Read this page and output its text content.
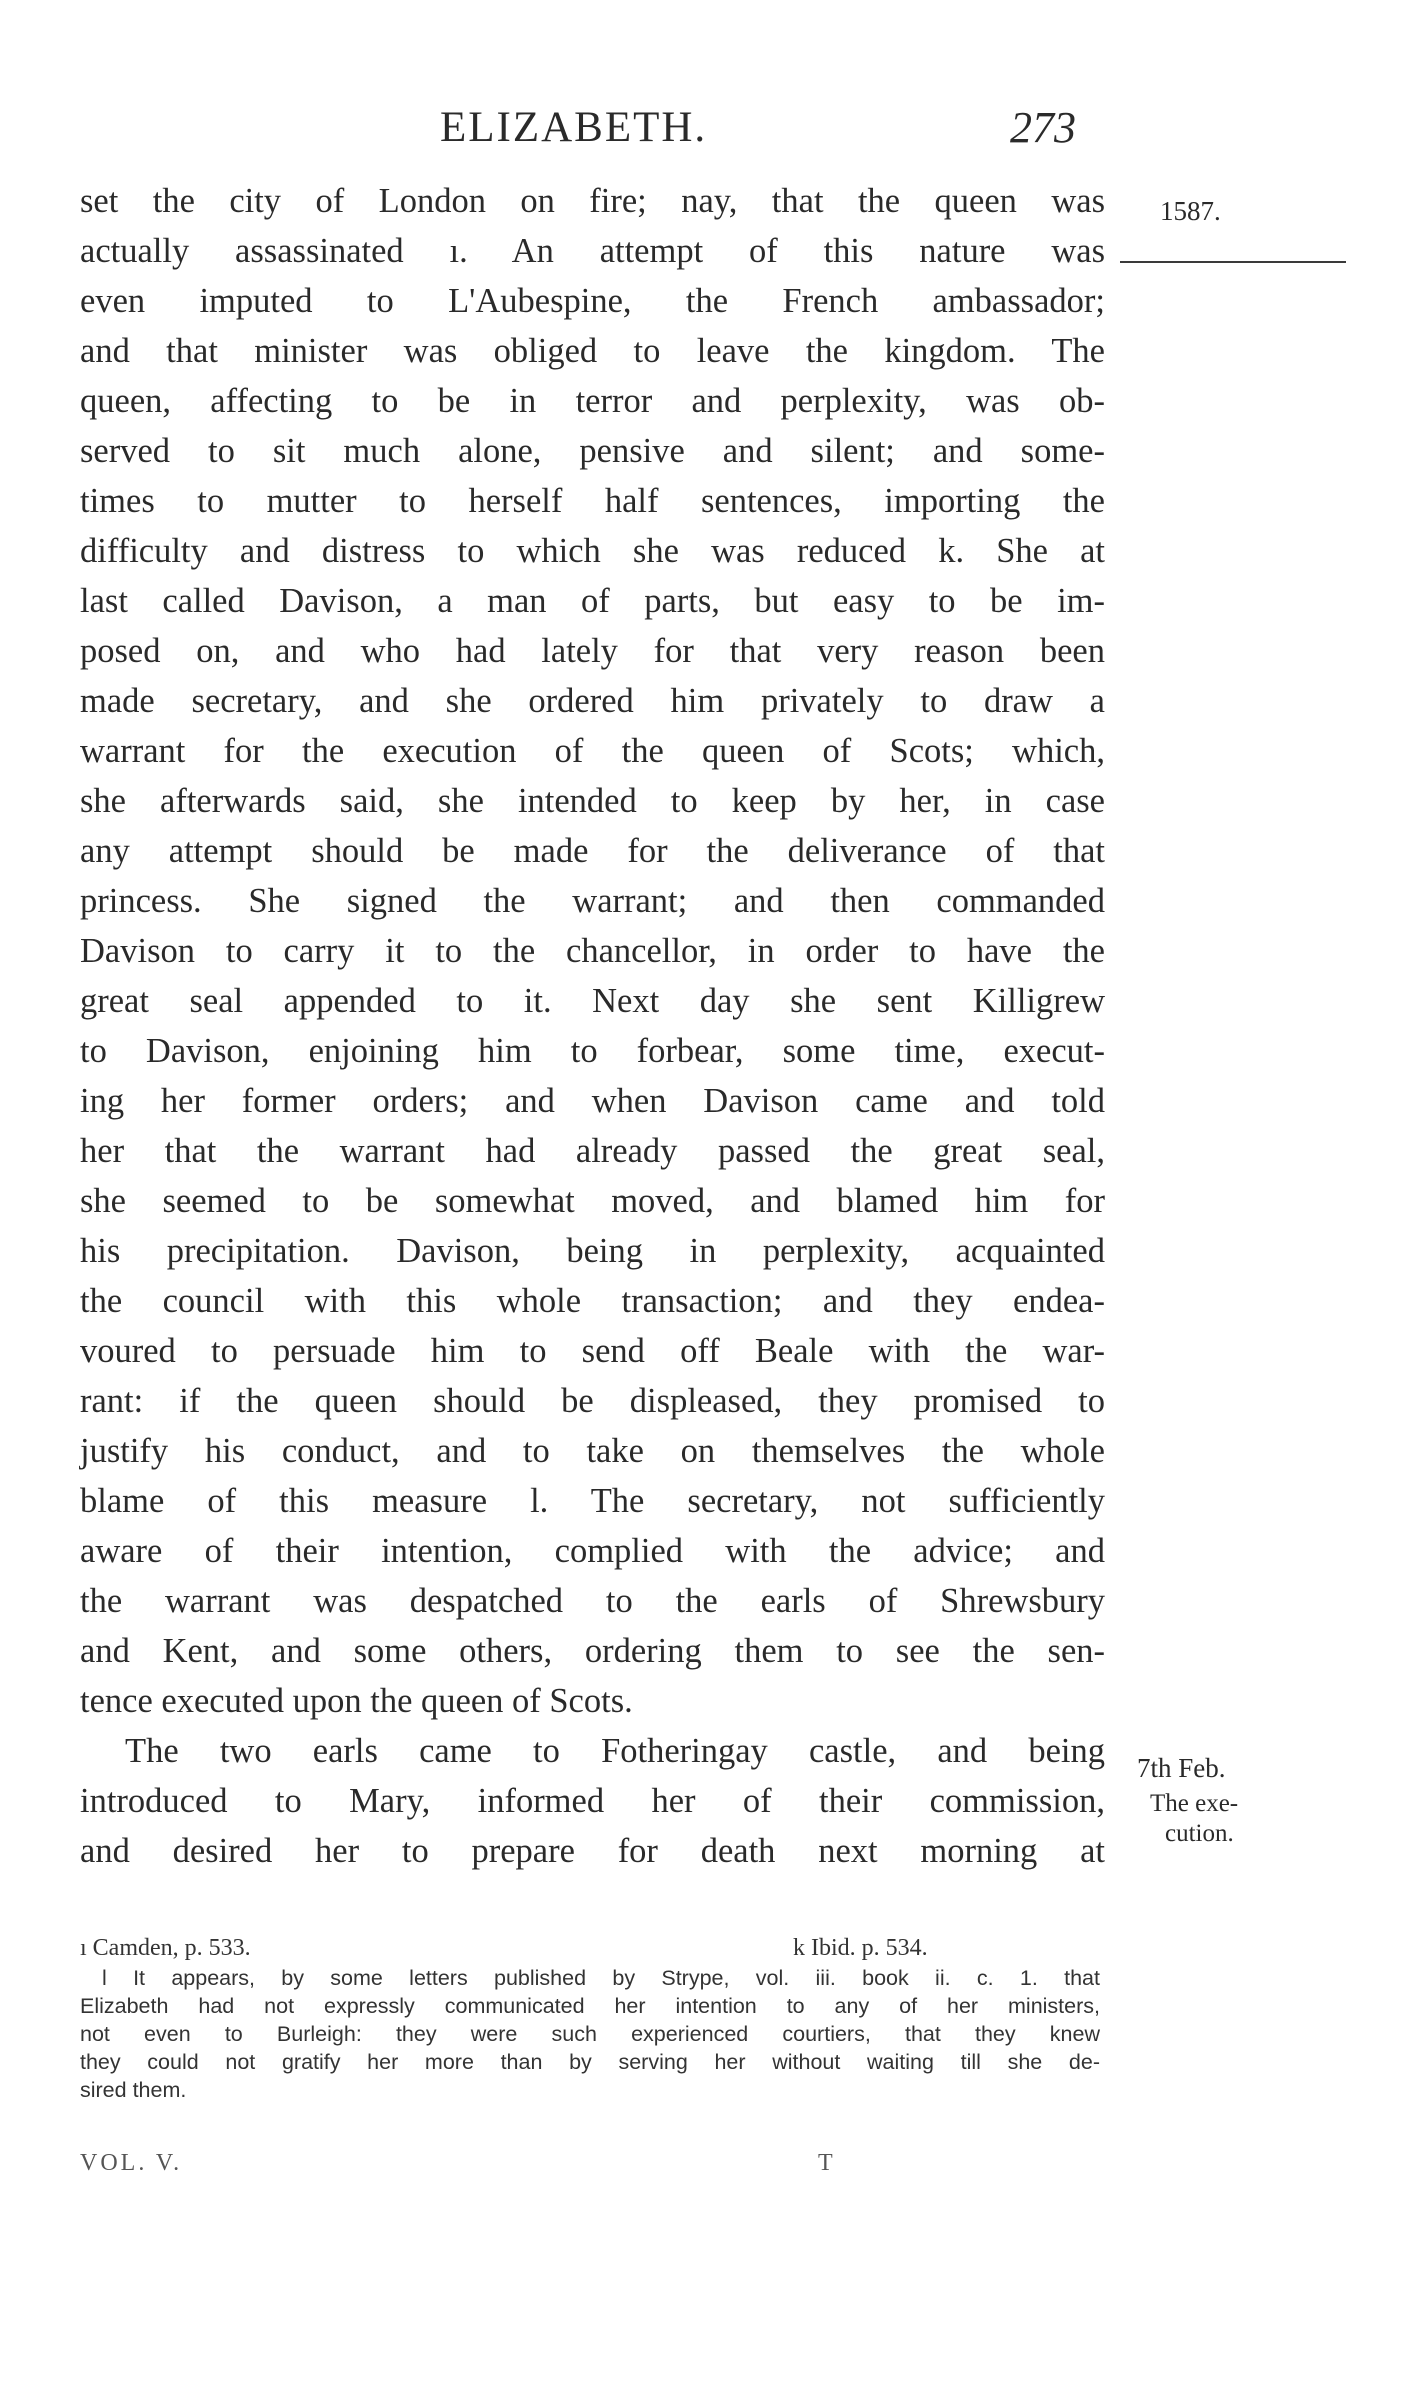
ELIZABETH.	273
1587.
7th Feb.
The exe-
cution.
set the city of London on fire; nay, that the queen was
actually assassinated ı. An attempt of this nature was
even imputed to L'Aubespine, the French ambassador;
and that minister was obliged to leave the kingdom. The
queen, affecting to be in terror and perplexity, was ob-
served to sit much alone, pensive and silent; and some-
times to mutter to herself half sentences, importing the
difficulty and distress to which she was reduced k. She at
last called Davison, a man of parts, but easy to be im-
posed on, and who had lately for that very reason been
made secretary, and she ordered him privately to draw a
warrant for the execution of the queen of Scots; which,
she afterwards said, she intended to keep by her, in case
any attempt should be made for the deliverance of that
princess. She signed the warrant; and then commanded
Davison to carry it to the chancellor, in order to have the
great seal appended to it. Next day she sent Killigrew
to Davison, enjoining him to forbear, some time, execut-
ing her former orders; and when Davison came and told
her that the warrant had already passed the great seal,
she seemed to be somewhat moved, and blamed him for
his precipitation. Davison, being in perplexity, acquainted
the council with this whole transaction; and they endea-
voured to persuade him to send off Beale with the war-
rant: if the queen should be displeased, they promised to
justify his conduct, and to take on themselves the whole
blame of this measure l. The secretary, not sufficiently
aware of their intention, complied with the advice; and
the warrant was despatched to the earls of Shrewsbury
and Kent, and some others, ordering them to see the sen-
tence executed upon the queen of Scots.
The two earls came to Fotheringay castle, and being
introduced to Mary, informed her of their commission,
and desired her to prepare for death next morning at
ı Camden, p. 533.	k Ibid. p. 534.
l It appears, by some letters published by Strype, vol. iii. book ii. c. 1. that
Elizabeth had not expressly communicated her intention to any of her ministers,
not even to Burleigh: they were such experienced courtiers, that they knew
they could not gratify her more than by serving her without waiting till she de-
sired them.
VOL. V.	T
